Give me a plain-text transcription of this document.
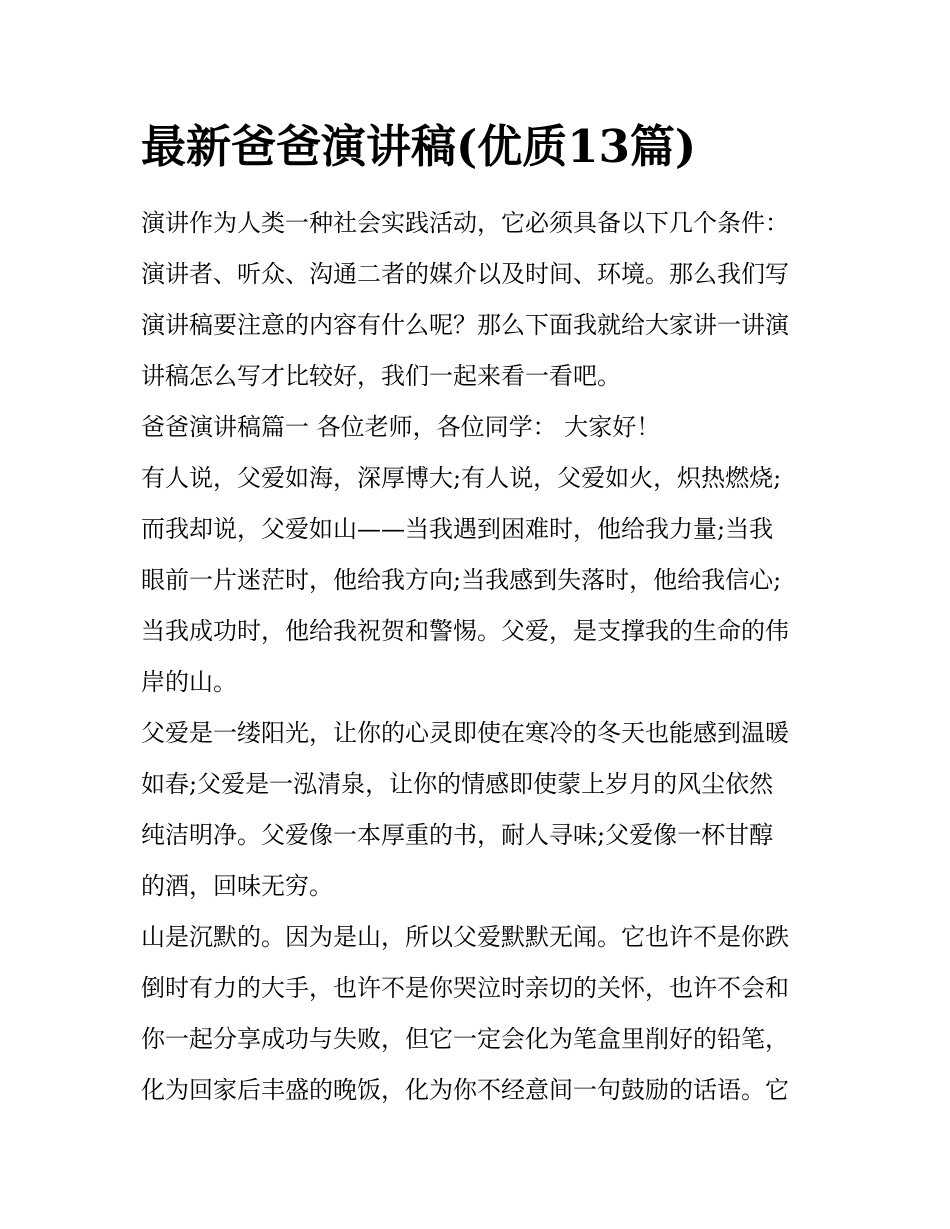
最新爸爸演讲稿(优质13篇)
演讲作为人类一种社会实践活动，它必须具备以下几个条件：
演讲者、听众、沟通二者的媒介以及时间、环境。那么我们写
演讲稿要注意的内容有什么呢？那么下面我就给大家讲一讲演
讲稿怎么写才比较好，我们一起来看一看吧。
爸爸演讲稿篇一 各位老师，各位同学： 大家好！
有人说，父爱如海，深厚博大;有人说，父爱如火，炽热燃烧;
而我却说，父爱如山——当我遇到困难时，他给我力量;当我
眼前一片迷茫时，他给我方向;当我感到失落时，他给我信心;
当我成功时，他给我祝贺和警惕。父爱，是支撑我的生命的伟
岸的山。
父爱是一缕阳光，让你的心灵即使在寒冷的冬天也能感到温暖
如春;父爱是一泓清泉，让你的情感即使蒙上岁月的风尘依然
纯洁明净。父爱像一本厚重的书，耐人寻味;父爱像一杯甘醇
的酒，回味无穷。
山是沉默的。因为是山，所以父爱默默无闻。它也许不是你跌
倒时有力的大手，也许不是你哭泣时亲切的关怀，也许不会和
你一起分享成功与失败，但它一定会化为笔盒里削好的铅笔，
化为回家后丰盛的晚饭，化为你不经意间一句鼓励的话语。它
